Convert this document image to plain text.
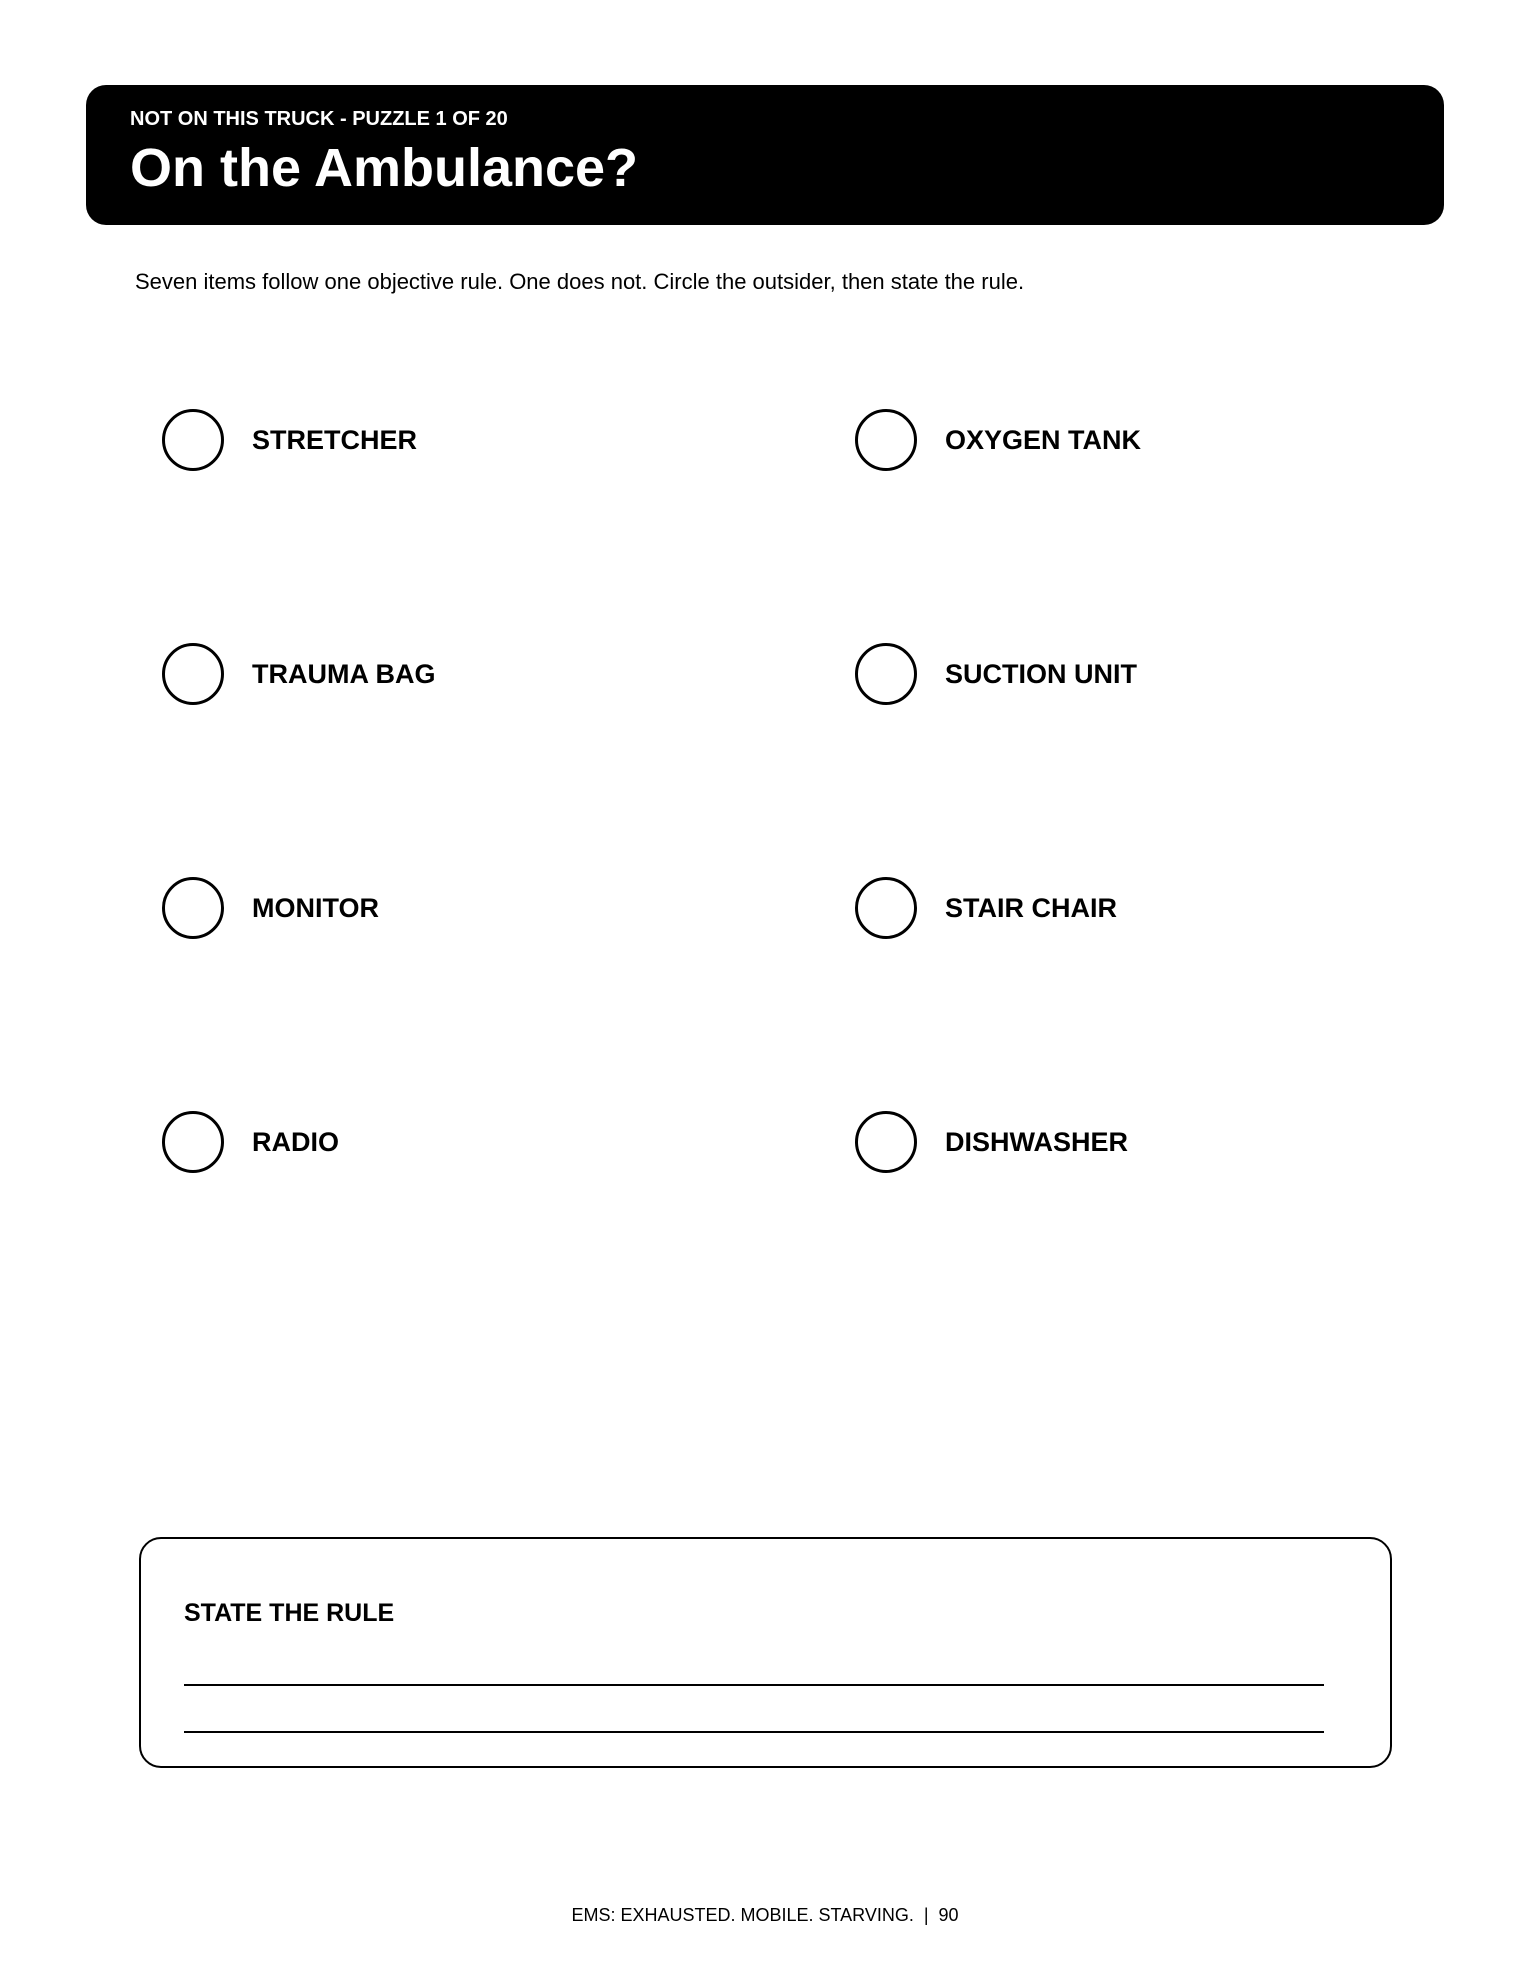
NOT ON THIS TRUCK - PUZZLE 1 OF 20
On the Ambulance?
Seven items follow one objective rule. One does not. Circle the outsider, then state the rule.
STRETCHER	OXYGEN TANK
TRAUMA BAG	SUCTION UNIT
MONITOR	STAIR CHAIR
RADIO	DISHWASHER
STATE THE RULE
EMS: EXHAUSTED. MOBILE. STARVING.  |  90
